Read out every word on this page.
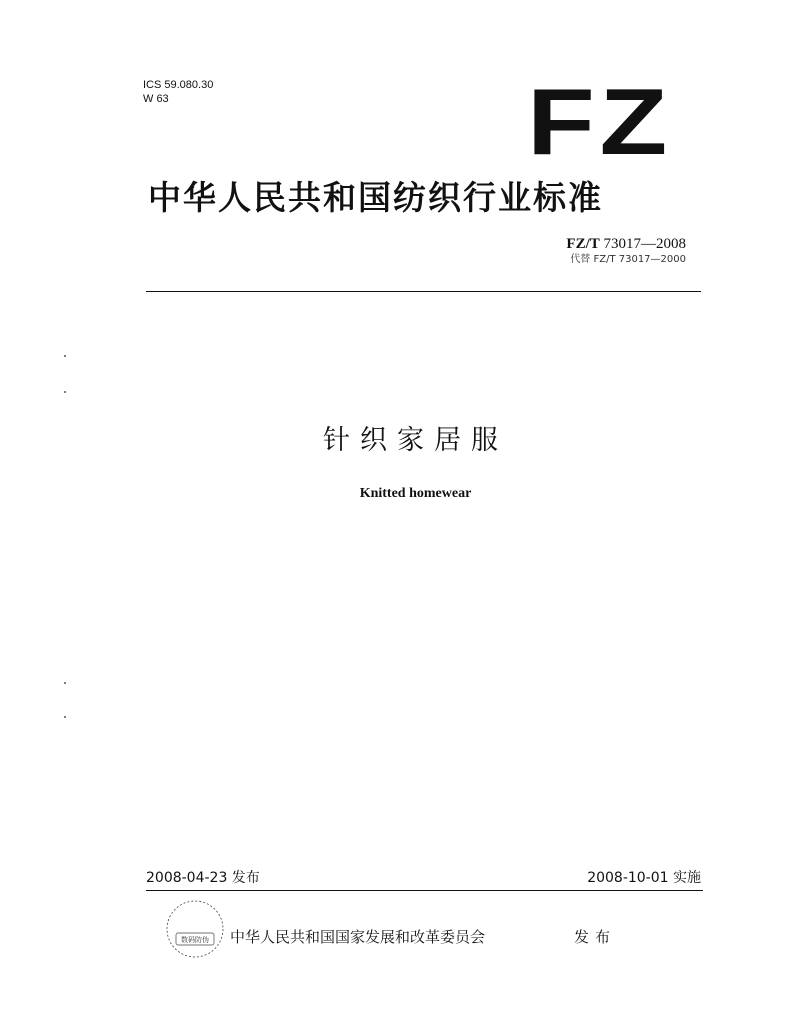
ICS 59.080.30
W 63	FZ
中华人民共和国纺织行业标准
FZ/T 73017—2008
代替 FZ/T 73017—2000
针织家居服
Knitted homewear
2008-04-23 发布	2008-10-01 实施
数码防伪 中华人民共和国国家发展和改革委员会	发布
